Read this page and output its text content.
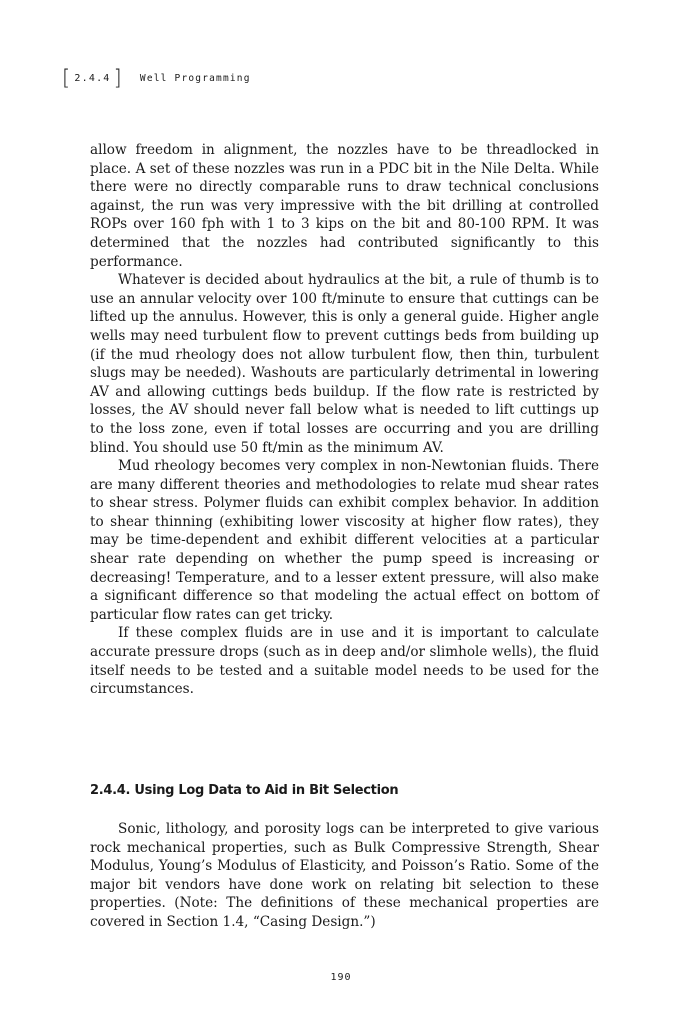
[ 2.4.4 ] Well Programming

allow freedom in alignment, the nozzles have to be threadlocked in place. A set of these nozzles was run in a PDC bit in the Nile Delta. While there were no directly comparable runs to draw technical conclusions against, the run was very impressive with the bit drilling at controlled ROPs over 160 fph with 1 to 3 kips on the bit and 80-100 RPM. It was determined that the nozzles had contributed significantly to this performance.

Whatever is decided about hydraulics at the bit, a rule of thumb is to use an annular velocity over 100 ft/minute to ensure that cuttings can be lifted up the annulus. However, this is only a general guide. Higher angle wells may need turbulent flow to prevent cuttings beds from building up (if the mud rheology does not allow turbulent flow, then thin, turbulent slugs may be needed). Washouts are particularly detrimental in lowering AV and allowing cuttings beds buildup. If the flow rate is restricted by losses, the AV should never fall below what is needed to lift cuttings up to the loss zone, even if total losses are occurring and you are drilling blind. You should use 50 ft/min as the minimum AV.

Mud rheology becomes very complex in non-Newtonian fluids. There are many different theories and methodologies to relate mud shear rates to shear stress. Polymer fluids can exhibit complex behavior. In addition to shear thinning (exhibiting lower viscosity at higher flow rates), they may be time-dependent and exhibit different velocities at a particular shear rate depending on whether the pump speed is increasing or decreasing! Temperature, and to a lesser extent pressure, will also make a significant difference so that modeling the actual effect on bottom of particular flow rates can get tricky.

If these complex fluids are in use and it is important to calculate accurate pressure drops (such as in deep and/or slimhole wells), the fluid itself needs to be tested and a suitable model needs to be used for the circumstances.

2.4.4. Using Log Data to Aid in Bit Selection

Sonic, lithology, and porosity logs can be interpreted to give various rock mechanical properties, such as Bulk Compressive Strength, Shear Modulus, Young’s Modulus of Elasticity, and Poisson’s Ratio. Some of the major bit vendors have done work on relating bit selection to these properties. (Note: The definitions of these mechanical properties are covered in Section 1.4, “Casing Design.”)

190
